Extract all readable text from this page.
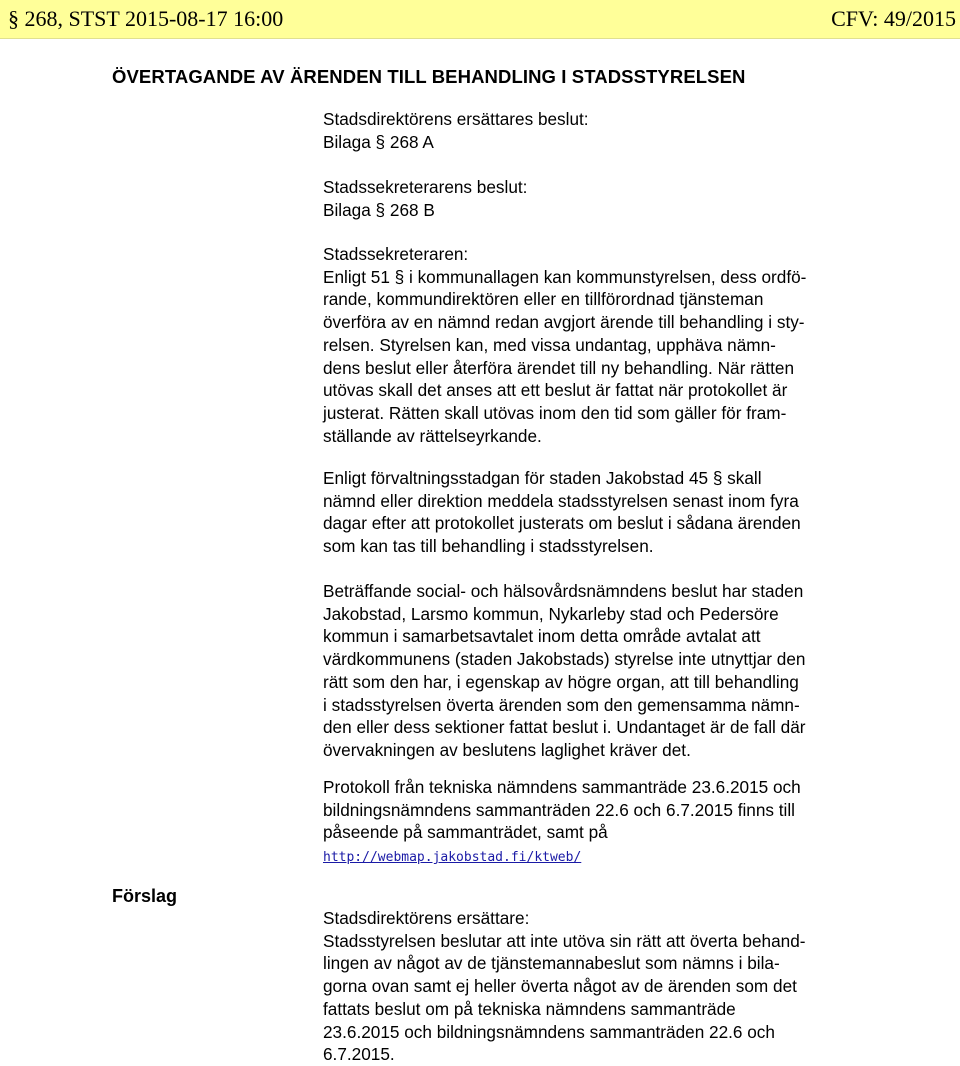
§ 268, STST 2015-08-17 16:00	CFV: 49/2015
ÖVERTAGANDE AV ÄRENDEN TILL BEHANDLING I STADSSTYRELSEN
Stadsdirektörens ersättares beslut:
Bilaga § 268 A
Stadssekreterarens beslut:
Bilaga § 268 B
Stadssekreteraren:
Enligt 51 § i kommunallagen kan kommunstyrelsen, dess ordfö-
rande, kommundirektören eller en tillförordnad tjänsteman
överföra av en nämnd redan avgjort ärende till behandling i sty-
relsen. Styrelsen kan, med vissa undantag, upphäva nämn-
dens beslut eller återföra ärendet till ny behandling. När rätten
utövas skall det anses att ett beslut är fattat när protokollet är
justerat. Rätten skall utövas inom den tid som gäller för fram-
ställande av rättelseyrkande.
Enligt förvaltningsstadgan för staden Jakobstad 45 § skall
nämnd eller direktion meddela stadsstyrelsen senast inom fyra
dagar efter att protokollet justerats om beslut i sådana ärenden
som kan tas till behandling i stadsstyrelsen.
Beträffande social- och hälsovårdsnämndens beslut har staden
Jakobstad, Larsmo kommun, Nykarleby stad och Pedersöre
kommun i samarbetsavtalet inom detta område avtalat att
värdkommunens (staden Jakobstads) styrelse inte utnyttjar den
rätt som den har, i egenskap av högre organ, att till behandling
i stadsstyrelsen överta ärenden som den gemensamma nämn-
den eller dess sektioner fattat beslut i. Undantaget är de fall där
övervakningen av beslutens laglighet kräver det.
Protokoll från tekniska nämndens sammanträde 23.6.2015 och
bildningsnämndens sammanträden 22.6 och 6.7.2015 finns till
påseende på sammanträdet, samt på
http://webmap.jakobstad.fi/ktweb/
Förslag
Stadsdirektörens ersättare:
Stadsstyrelsen beslutar att inte utöva sin rätt att överta behand-
lingen av något av de tjänstemannabeslut som nämns i bila-
gorna ovan samt ej heller överta något av de ärenden som det
fattats beslut om på tekniska nämndens sammanträde
23.6.2015 och bildningsnämndens sammanträden 22.6 och
6.7.2015.
